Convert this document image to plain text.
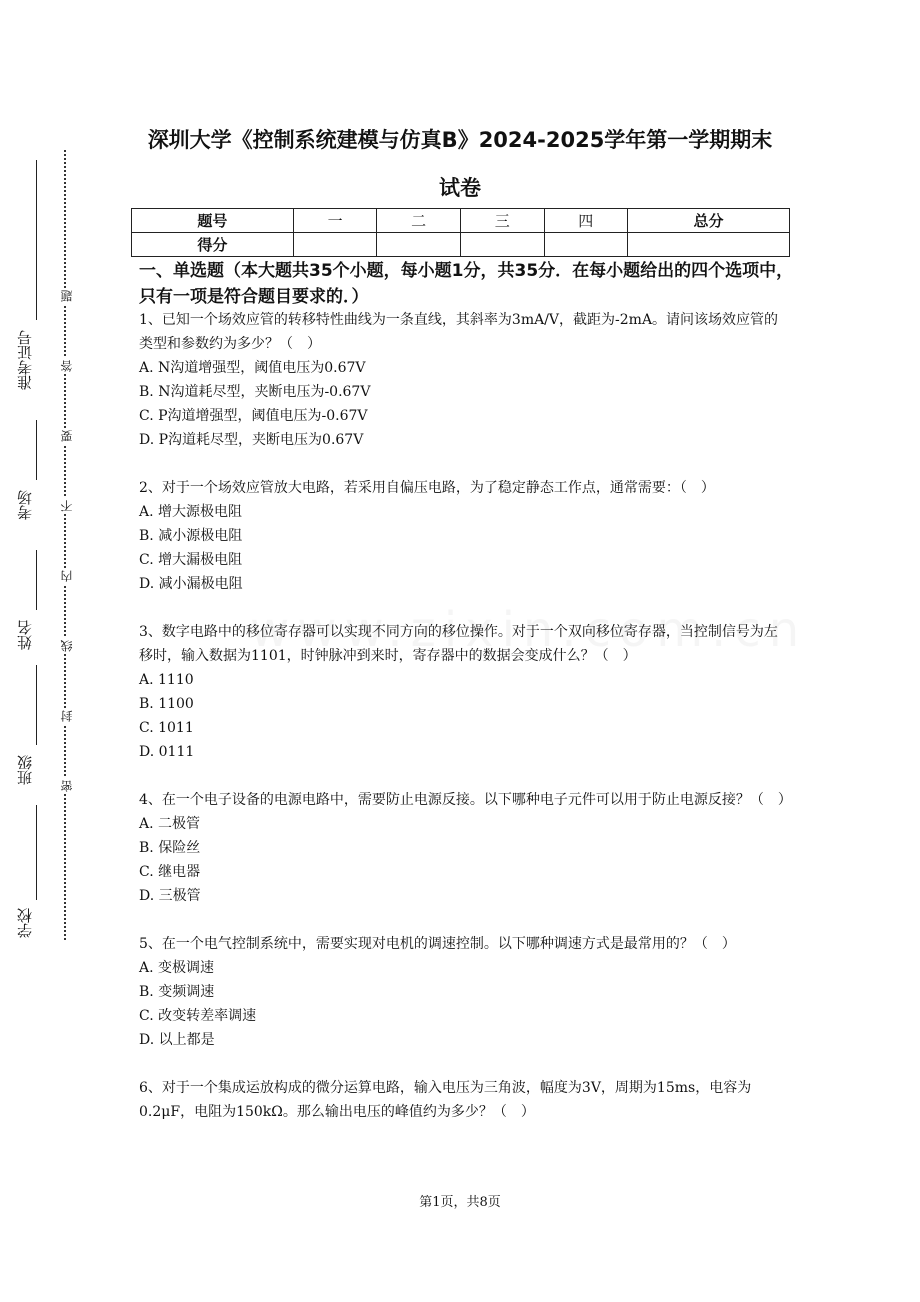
准考证号
考场
姓名
班级
学校
题
答
要
不
内
线
封
密
深圳大学《控制系统建模与仿真B》2024-2025学年第一学期期末
试卷
题号	一	二	三	四	总分
得分					
一、单选题（本大题共35个小题，每小题1分，共35分．在每小题给出的四个选项中，只有一项是符合题目要求的．）
1、已知一个场效应管的转移特性曲线为一条直线，其斜率为3mA/V，截距为-2mA。请问该场效应管的类型和参数约为多少？（　）
A. N沟道增强型，阈值电压为0.67V
B. N沟道耗尽型，夹断电压为-0.67V
C. P沟道增强型，阈值电压为-0.67V
D. P沟道耗尽型，夹断电压为0.67V
2、对于一个场效应管放大电路，若采用自偏压电路，为了稳定静态工作点，通常需要：（　）
A. 增大源极电阻
B. 减小源极电阻
C. 增大漏极电阻
D. 减小漏极电阻
3、数字电路中的移位寄存器可以实现不同方向的移位操作。对于一个双向移位寄存器，当控制信号为左移时，输入数据为1101，时钟脉冲到来时，寄存器中的数据会变成什么？（　）
A. 1110
B. 1100
C. 1011
D. 0111
4、在一个电子设备的电源电路中，需要防止电源反接。以下哪种电子元件可以用于防止电源反接？（　）
A. 二极管
B. 保险丝
C. 继电器
D. 三极管
5、在一个电气控制系统中，需要实现对电机的调速控制。以下哪种调速方式是最常用的？（　）
A. 变极调速
B. 变频调速
C. 改变转差率调速
D. 以上都是
6、对于一个集成运放构成的微分运算电路，输入电压为三角波，幅度为3V，周期为15ms，电容为0.2μF，电阻为150kΩ。那么输出电压的峰值约为多少？（　）
第1页，共8页
